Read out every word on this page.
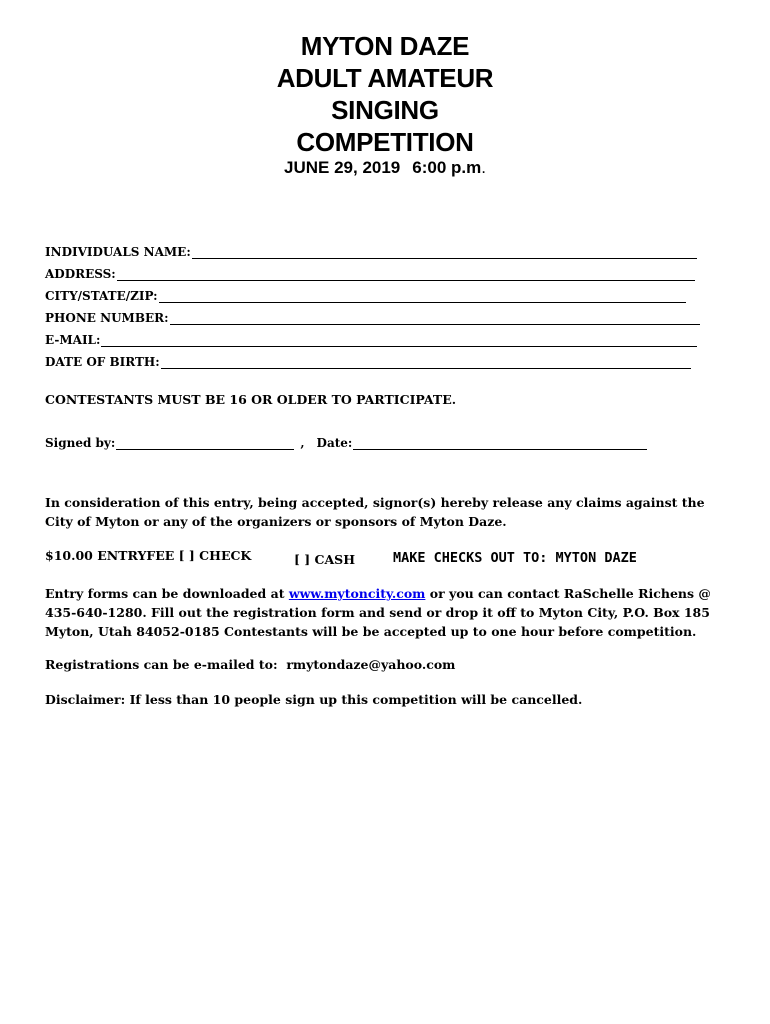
MYTON DAZE
ADULT AMATEUR
SINGING
COMPETITION
JUNE 29, 2019 6:00 p.m.
INDIVIDUALS NAME:
ADDRESS:
CITY/STATE/ZIP:
PHONE NUMBER:
E-MAIL:
DATE OF BIRTH:
CONTESTANTS MUST BE 16 OR OLDER TO PARTICIPATE.
Signed by:	, Date:
In consideration of this entry, being accepted, signor(s) hereby release any claims against the City of Myton or any of the organizers or sponsors of Myton Daze.
$10.00 ENTRYFEE [ ] CHECK	[ ] CASH	MAKE CHECKS OUT TO: MYTON DAZE
Entry forms can be downloaded at www.mytoncity.com or you can contact RaSchelle Richens @ 435-640-1280. Fill out the registration form and send or drop it off to Myton City, P.O. Box 185 Myton, Utah 84052-0185 Contestants will be be accepted up to one hour before competition.
Registrations can be e-mailed to: rmytondaze@yahoo.com
Disclaimer: If less than 10 people sign up this competition will be cancelled.
